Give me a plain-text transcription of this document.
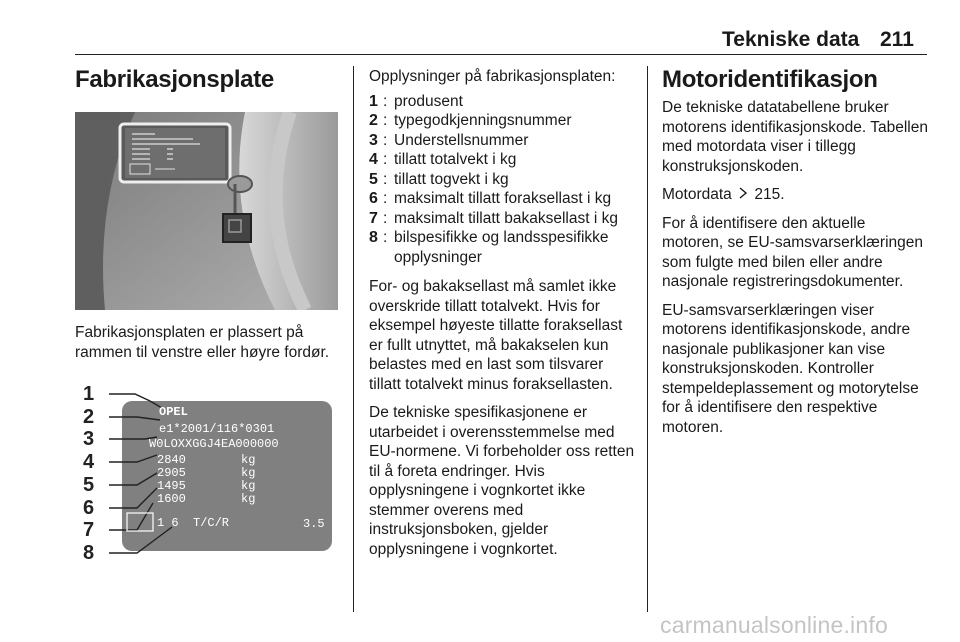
Tekniske data 211
Fabrikasjonsplate

Fabrikasjonsplaten er plassert på rammen til venstre eller høyre fordør.

1
2
3
4
5
6
7
8
OPEL
e1*2001/116*0301
W0LOXXGGJ4EA000000
2840
2905
1495
1600
kg
kg
kg
kg
1 6 T/C/R	3.5

Opplysninger på fabrikasjonsplaten:

1 : produsent
2 : typegodkjenningsnummer
3 : Understellsnummer
4 : tillatt totalvekt i kg
5 : tillatt togvekt i kg
6 : maksimalt tillatt foraksellast i kg
7 : maksimalt tillatt bakaksellast i kg
8 : bilspesifikke og landsspesifikke opplysninger

For- og bakaksellast må samlet ikke overskride tillatt totalvekt. Hvis for eksempel høyeste tillatte foraksellast er fullt utnyttet, må bakakselen kun belastes med en last som tilsvarer tillatt totalvekt minus foraksellasten.

De tekniske spesifikasjonene er utarbeidet i overensstemmelse med EU-normene. Vi forbeholder oss retten til å foreta endringer. Hvis opplysningene i vognkortet ikke stemmer overens med instruksjonsboken, gjelder opplysningene i vognkortet.

Motoridentifikasjon

De tekniske datatabellene bruker motorens identifikasjonskode. Tabellen med motordata viser i tillegg konstruksjonskoden.

Motordata 215.

For å identifisere den aktuelle motoren, se EU-samsvarserklæringen som fulgte med bilen eller andre nasjonale registreringsdokumenter.

EU-samsvarserklæringen viser motorens identifikasjonskode, andre nasjonale publikasjoner kan vise konstruksjonskoden. Kontroller stempeldeplassement og motorytelse for å identifisere den respektive motoren.

carmanualsonline.info
